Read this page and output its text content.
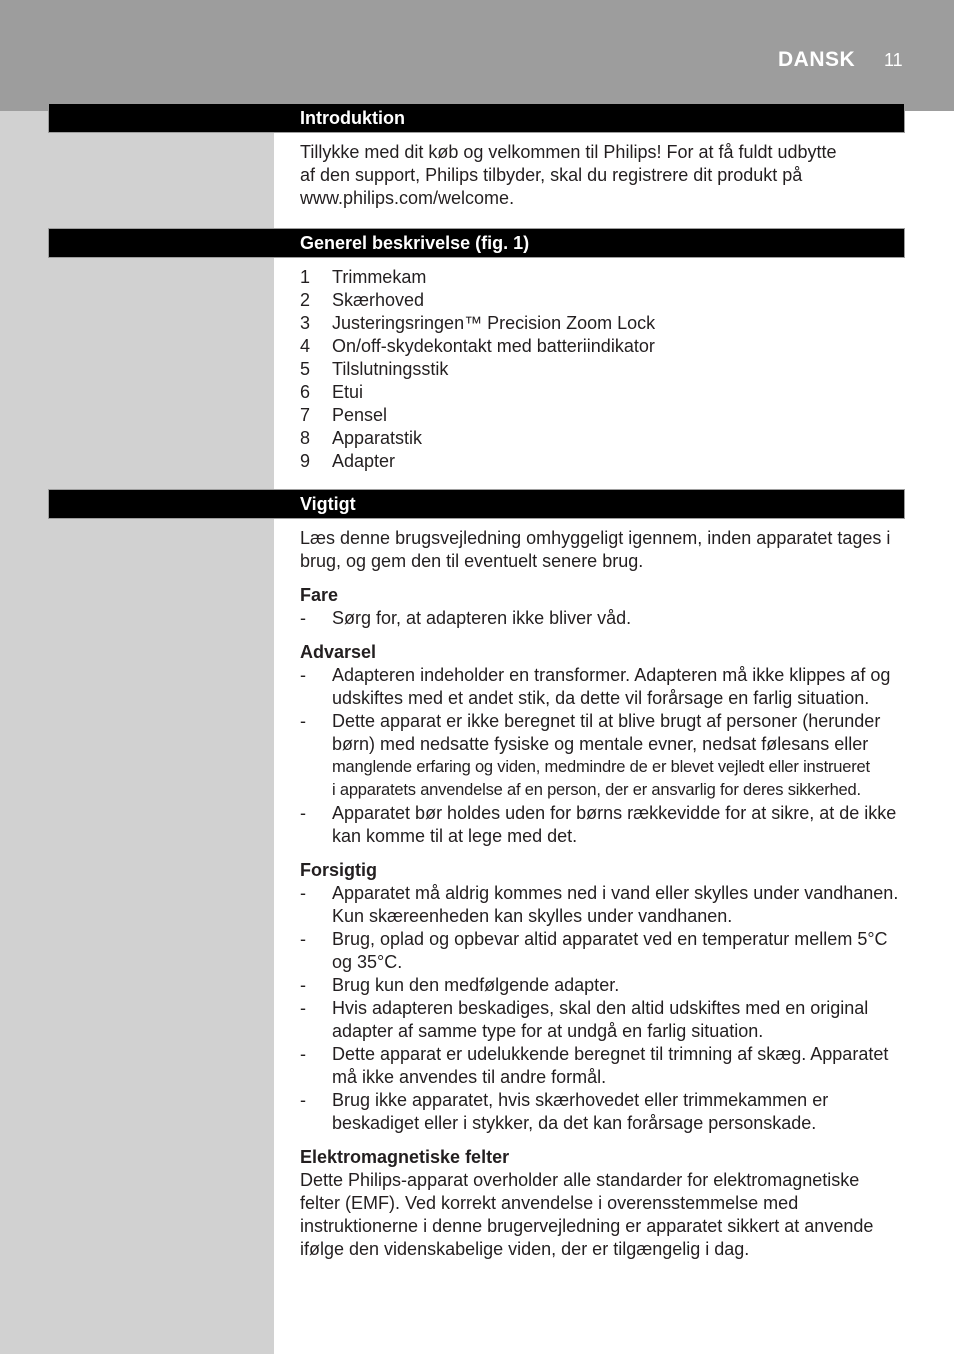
DANSK 11
Introduktion

Tillykke med dit køb og velkommen til Philips! For at få fuldt udbytte

af den support, Philips tilbyder, skal du registrere dit produkt på

www.philips.com/welcome.

Generel beskrivelse (fig. 1)
1	Trimmekam
2	Skærhoved
3	Justeringsringen™ Precision Zoom Lock
4	On/off-skydekontakt med batteriindikator
5	Tilslutningsstik
6	Etui
7	Pensel
8	Apparatstik
9	Adapter
Vigtigt

Læs denne brugsvejledning omhyggeligt igennem, inden apparatet tages i

brug, og gem den til eventuelt senere brug.

Fare
-	Sørg for, at adapteren ikke bliver våd.

Advarsel
-	Adapteren indeholder en transformer. Adapteren må ikke klippes af og

udskiftes med et andet stik, da dette vil forårsage en farlig situation.

-	Dette apparat er ikke beregnet til at blive brugt af personer (herunder

børn) med nedsatte fysiske og mentale evner, nedsat følesans eller

manglende erfaring og viden, medmindre de er blevet vejledt eller instrueret

i apparatets anvendelse af en person, der er ansvarlig for deres sikkerhed.

-	Apparatet bør holdes uden for børns rækkevidde for at sikre, at de ikke

kan komme til at lege med det.

Forsigtig
-	Apparatet må aldrig kommes ned i vand eller skylles under vandhanen.

Kun skæreenheden kan skylles under vandhanen.

-	Brug, oplad og opbevar altid apparatet ved en temperatur mellem 5°C

og 35°C.

-	Brug kun den medfølgende adapter.

-	Hvis adapteren beskadiges, skal den altid udskiftes med en original

adapter af samme type for at undgå en farlig situation.

-	Dette apparat er udelukkende beregnet til trimning af skæg. Apparatet

må ikke anvendes til andre formål.

-	Brug ikke apparatet, hvis skærhovedet eller trimmekammen er

beskadiget eller i stykker, da det kan forårsage personskade.

Elektromagnetiske felter

Dette Philips-apparat overholder alle standarder for elektromagnetiske

felter (EMF). Ved korrekt anvendelse i overensstemmelse med

instruktionerne i denne brugervejledning er apparatet sikkert at anvende

ifølge den videnskabelige viden, der er tilgængelig i dag.
